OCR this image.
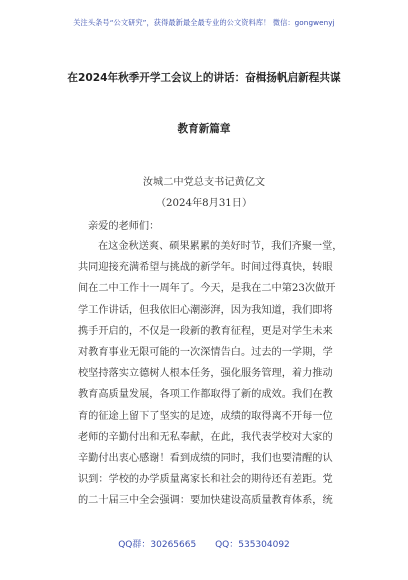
关注头条号“公文研究”，获得最新最全最专业的公文资料库！ 微信：gongwenyj
在2024年秋季开学工会议上的讲话：奋楫扬帆启新程共谋
教育新篇章
汝城二中党总支书记黄亿文
（2024年8月31日）
亲爱的老师们：
在这金秋送爽、硕果累累的美好时节，我们齐聚一堂，
共同迎接充满希望与挑战的新学年。时间过得真快，转眼
间在二中工作十一周年了。今天，是我在二中第23次做开
学工作讲话，但我依旧心潮澎湃，因为我知道，我们即将
携手开启的，不仅是一段新的教育征程，更是对学生未来
对教育事业无限可能的一次深情告白。过去的一学期，学
校坚持落实立德树人根本任务，强化服务管理，着力推动
教育高质量发展，各项工作都取得了新的成效。我们在教
育的征途上留下了坚实的足迹，成绩的取得离不开每一位
老师的辛勤付出和无私奉献，在此，我代表学校对大家的
辛勤付出衷心感谢！看到成绩的同时，我们也要清醒的认
识到：学校的办学质量离家长和社会的期待还有差距。党
的二十届三中全会强调：要加快建设高质量教育体系，统
QQ群：30265665 QQ：535304092
